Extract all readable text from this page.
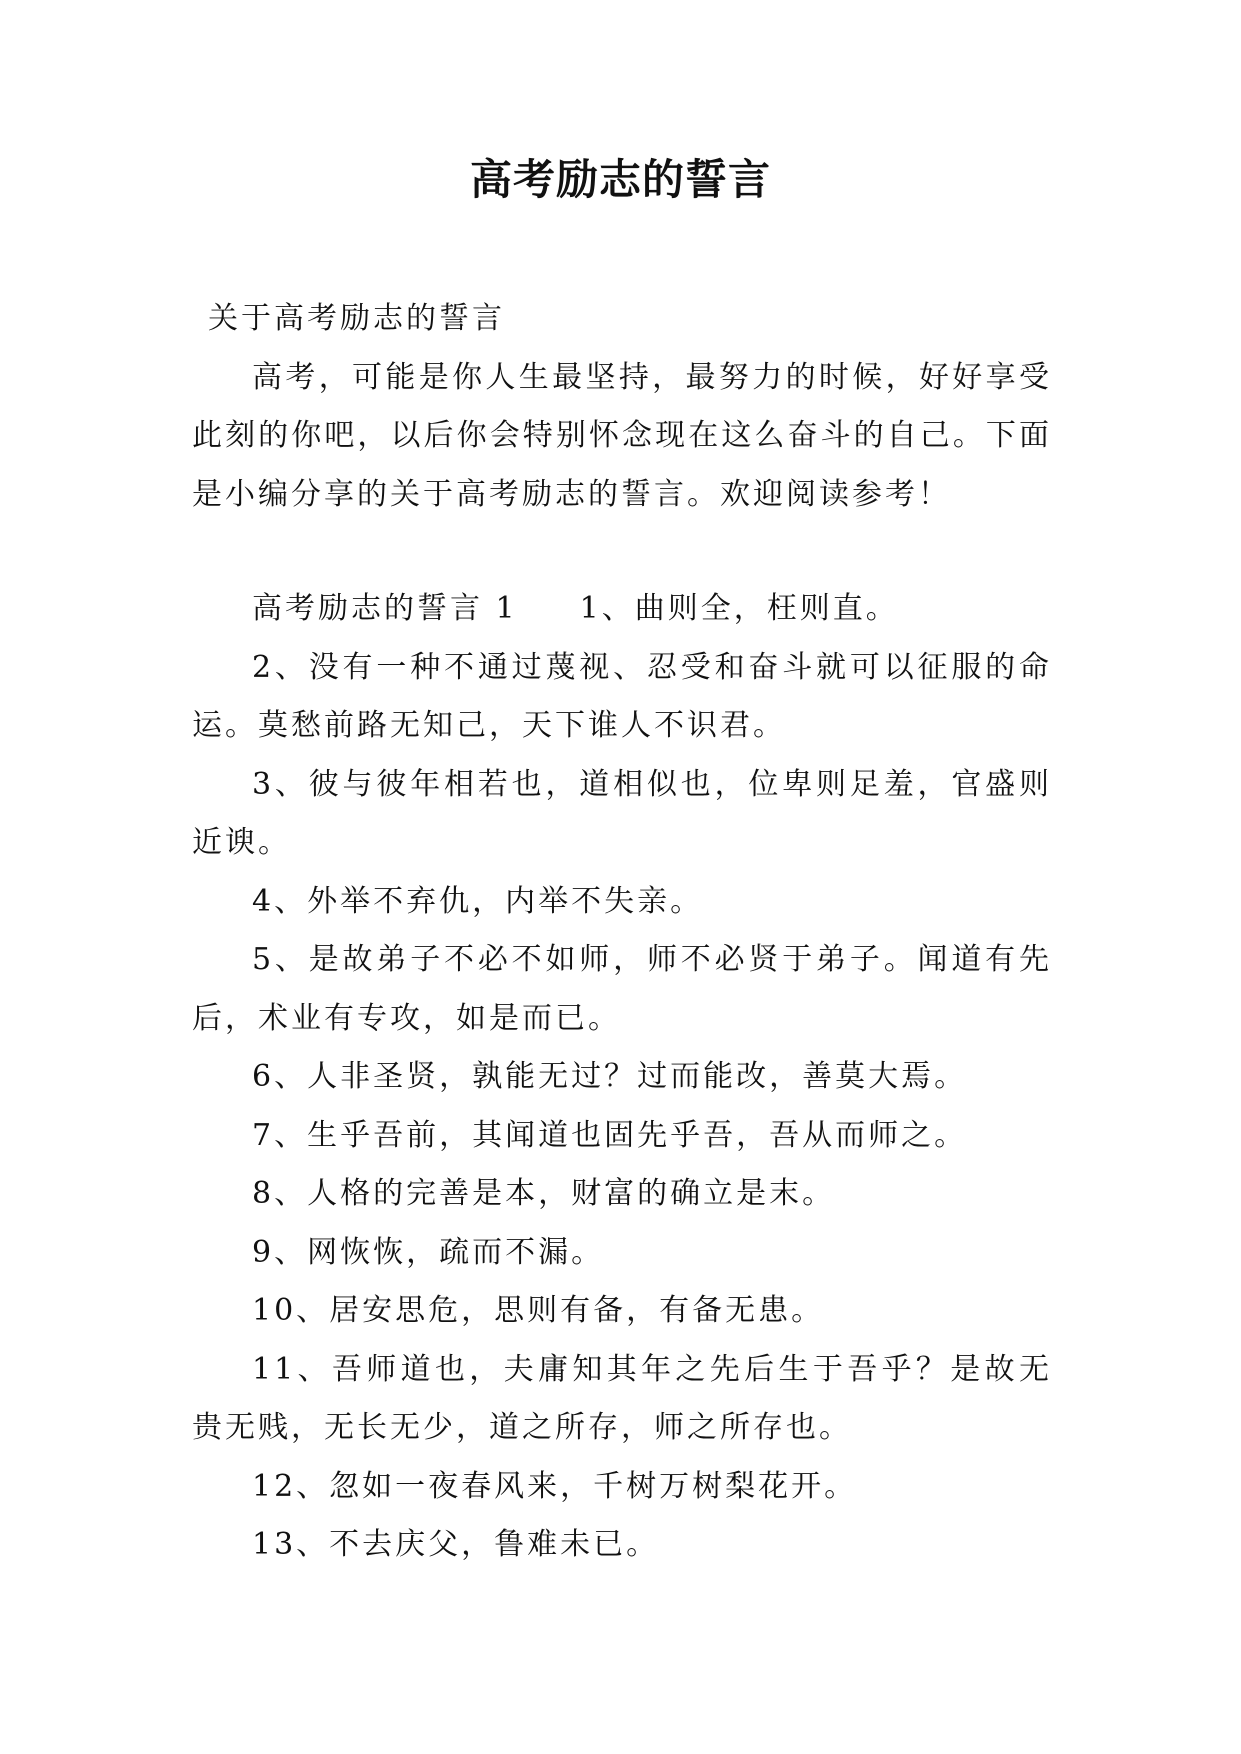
高考励志的誓言

关于高考励志的誓言

高考，可能是你人生最坚持，最努力的时候，好好享受此刻的你吧，以后你会特别怀念现在这么奋斗的自己。下面是小编分享的关于高考励志的誓言。欢迎阅读参考！

高考励志的誓言 1 1、曲则全，枉则直。

2、没有一种不通过蔑视、忍受和奋斗就可以征服的命运。莫愁前路无知己，天下谁人不识君。

3、彼与彼年相若也，道相似也，位卑则足羞，官盛则近谀。

4、外举不弃仇，内举不失亲。

5、是故弟子不必不如师，师不必贤于弟子。闻道有先后，术业有专攻，如是而已。

6、人非圣贤，孰能无过？过而能改，善莫大焉。

7、生乎吾前，其闻道也固先乎吾，吾从而师之。

8、人格的完善是本，财富的确立是末。

9、网恢恢，疏而不漏。

10、居安思危，思则有备，有备无患。

11、吾师道也，夫庸知其年之先后生于吾乎？是故无贵无贱，无长无少，道之所存，师之所存也。

12、忽如一夜春风来，千树万树梨花开。

13、不去庆父，鲁难未已。
